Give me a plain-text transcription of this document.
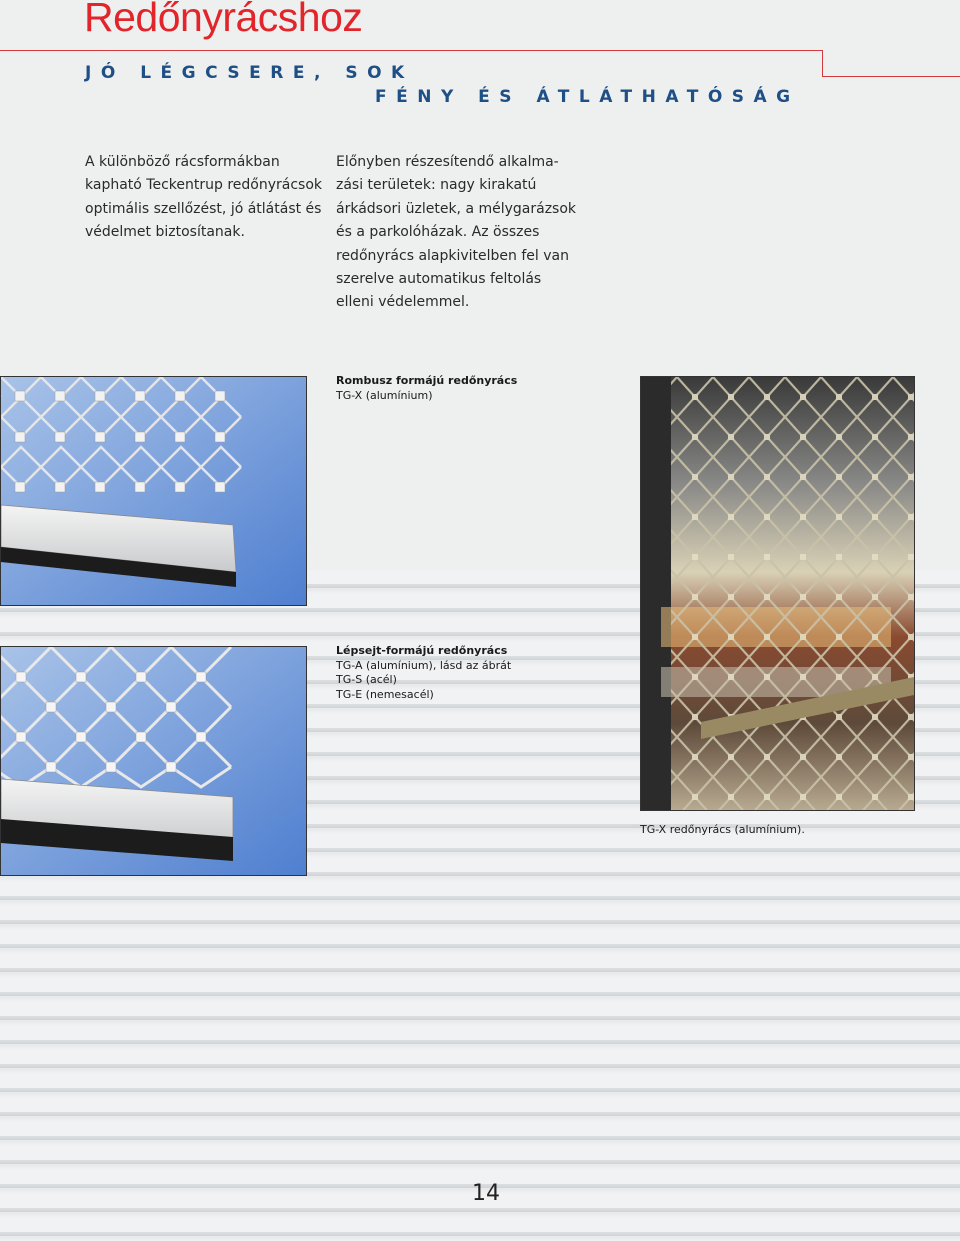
Redőnyrácshoz
JÓ LÉGCSERE, SOK
FÉNY ÉS ÁTLÁTHATÓSÁG
A különböző rácsformákban
kapható Teckentrup redőnyrácsok
optimális szellőzést, jó átlátást és
védelmet biztosítanak.
Előnyben részesítendő alkalma-
zási területek: nagy kirakatú
árkádsori üzletek, a mélygarázsok
és a parkolóházak. Az összes
redőnyrács alapkivitelben fel van
szerelve automatikus feltolás
elleni védelemmel.
Rombusz formájú redőnyrács
TG-X (alumínium)
Lépsejt-formájú redőnyrács
TG-A (alumínium), lásd az ábrát
TG-S (acél)
TG-E (nemesacél)
TG-X redőnyrács (alumínium).
14
